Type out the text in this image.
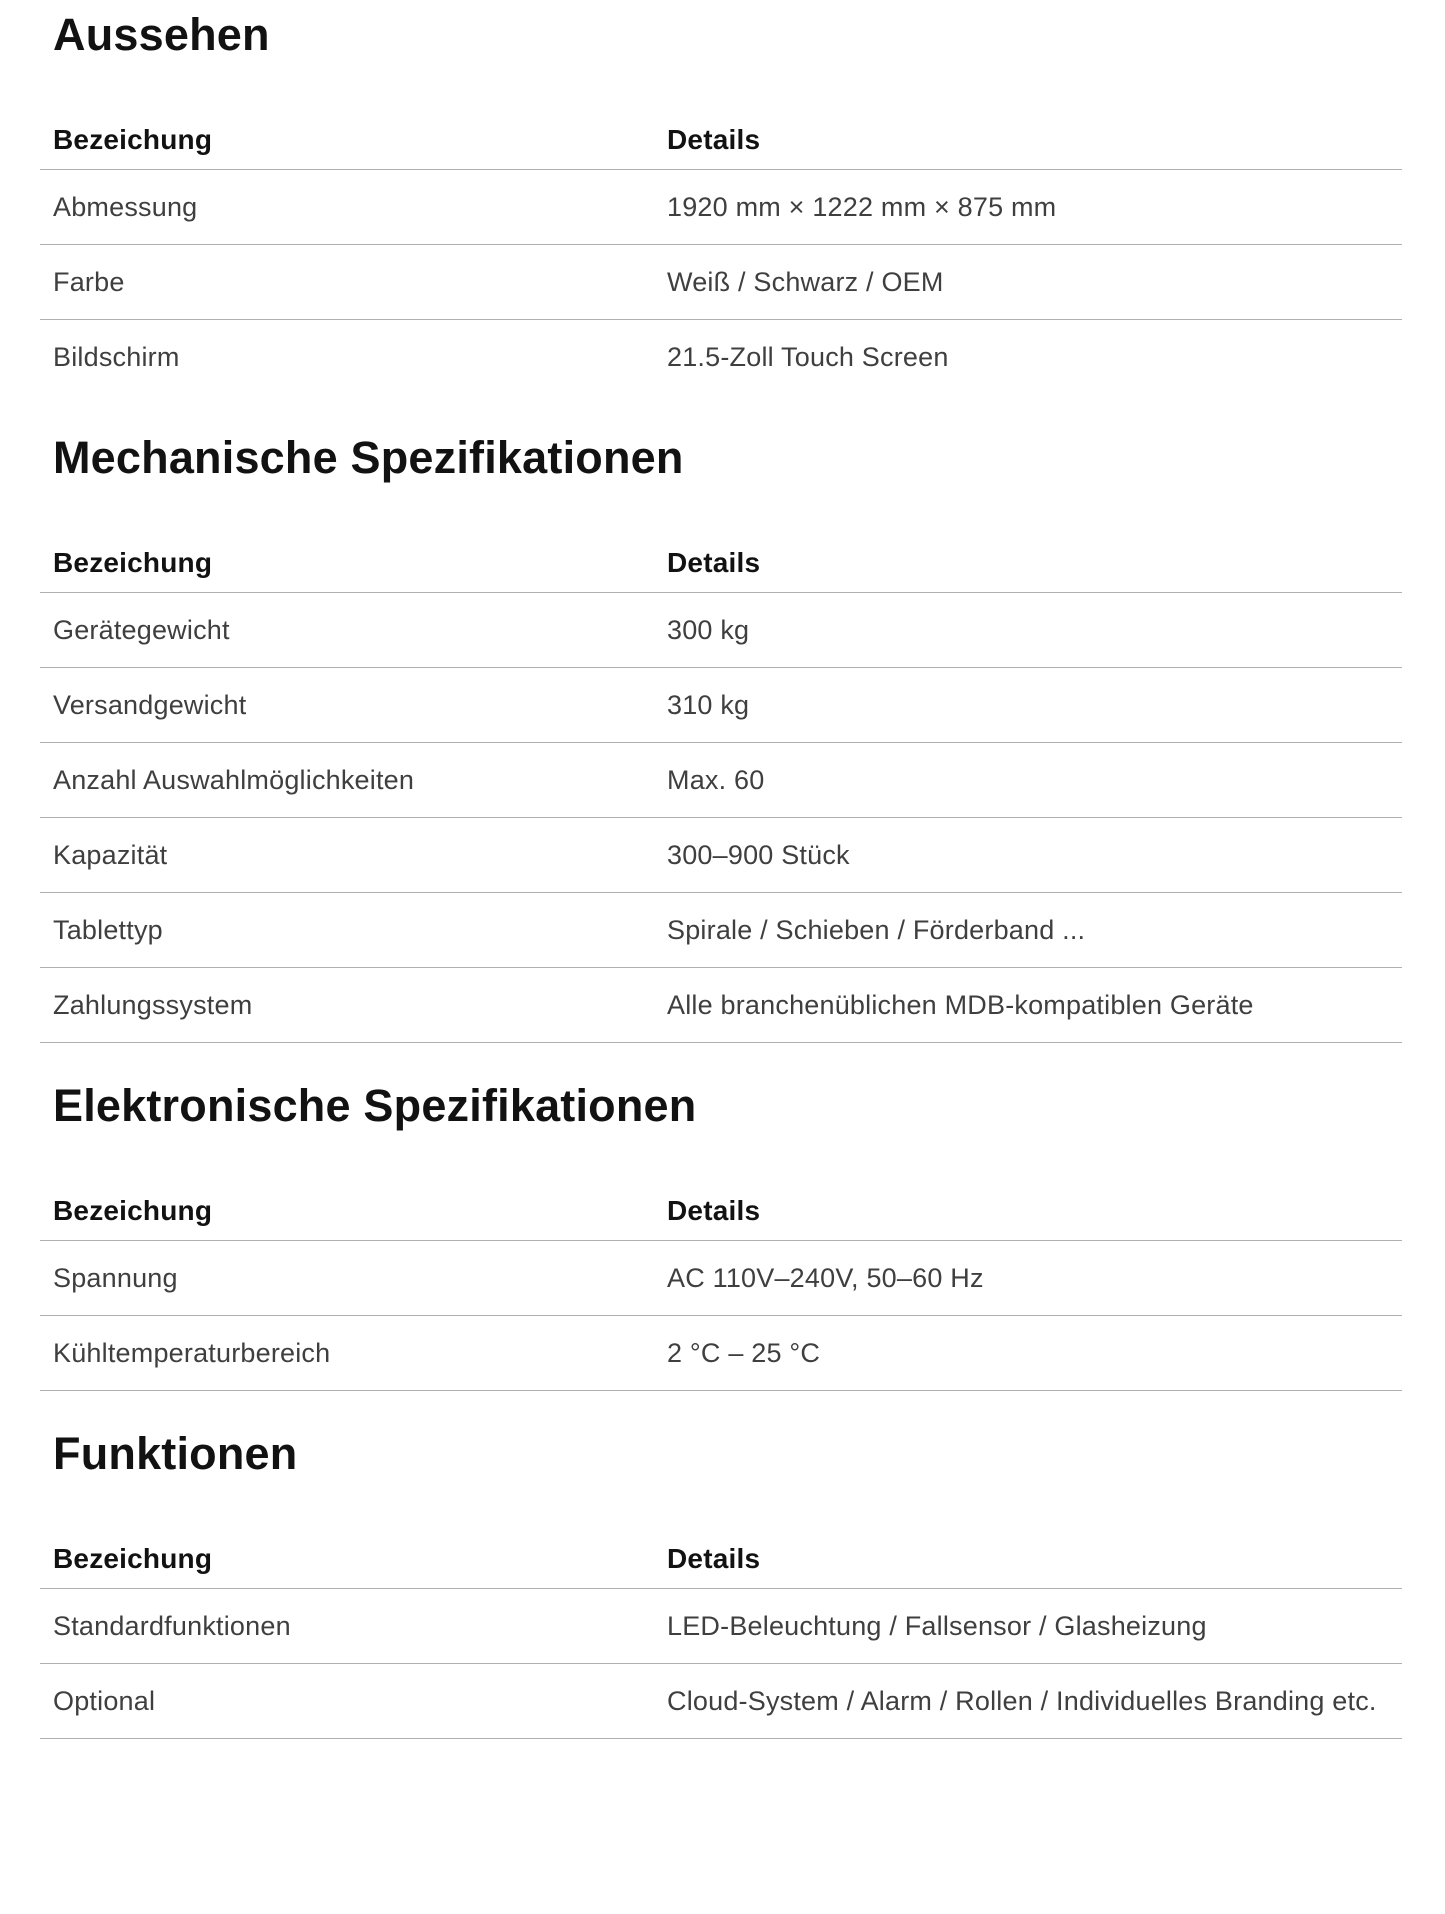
Aussehen
Bezeichung	Details
Abmessung	1920 mm × 1222 mm × 875 mm
Farbe	Weiß / Schwarz / OEM
Bildschirm	21.5-Zoll Touch Screen
Mechanische Spezifikationen
Bezeichung	Details
Gerätegewicht	300 kg
Versandgewicht	310 kg
Anzahl Auswahlmöglichkeiten	Max. 60
Kapazität	300–900 Stück
Tablettyp	Spirale / Schieben / Förderband ...
Zahlungssystem	Alle branchenüblichen MDB-kompatiblen Geräte
Elektronische Spezifikationen
Bezeichung	Details
Spannung	AC 110V–240V, 50–60 Hz
Kühltemperaturbereich	2 °C – 25 °C
Funktionen
Bezeichung	Details
Standardfunktionen	LED-Beleuchtung / Fallsensor / Glasheizung
Optional	Cloud-System / Alarm / Rollen / Individuelles Branding etc.
